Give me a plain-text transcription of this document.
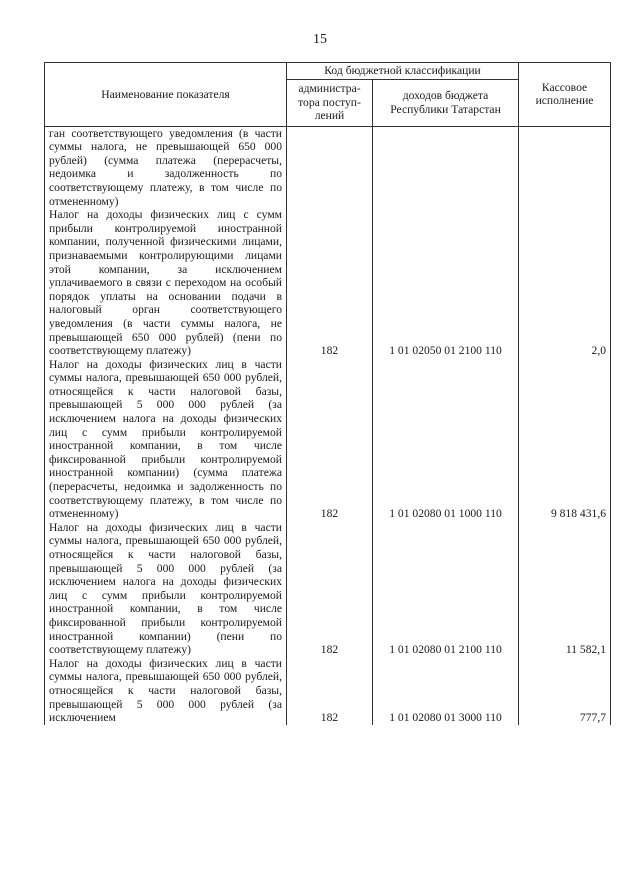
15
Наименование показателя	Код бюджетной классификации		Кассовое исполнение
	администра-тора поступ-лений	доходов бюджета Республики Татарстан	
ган соответствующего уведомления (в части суммы налога, не превышающей 650 000 рублей) (сумма платежа (перерасчеты, недоимка и задолженность по соответствующему платежу, в том числе по отмененному)			
Налог на доходы физических лиц с сумм прибыли контролируемой иностранной компании, полученной физическими лицами, признаваемыми контролирующими лицами этой компании, за исключением уплачиваемого в связи с переходом на особый порядок уплаты на основании подачи в налоговый орган соответствующего уведомления (в части суммы налога, не превышающей 650 000 рублей) (пени по соответствующему платежу)	182	1 01 02050 01 2100 110	2,0
Налог на доходы физических лиц в части суммы налога, превышающей 650 000 рублей, относящейся к части налоговой базы, превышающей 5 000 000 рублей (за исключением налога на доходы физических лиц с сумм прибыли контролируемой иностранной компании, в том числе фиксированной прибыли контролируемой иностранной компании) (сумма платежа (перерасчеты, недоимка и задолженность по соответствующему платежу, в том числе по отмененному)	182	1 01 02080 01 1000 110	9 818 431,6
Налог на доходы физических лиц в части суммы налога, превышающей 650 000 рублей, относящейся к части налоговой базы, превышающей 5 000 000 рублей (за исключением налога на доходы физических лиц с сумм прибыли контролируемой иностранной компании, в том числе фиксированной прибыли контролируемой иностранной компании) (пени по соответствующему платежу)	182	1 01 02080 01 2100 110	11 582,1
Налог на доходы физических лиц в части суммы налога, превышающей 650 000 рублей, относящейся к части налоговой базы, превышающей 5 000 000 рублей (за исключением	182	1 01 02080 01 3000 110	777,7
